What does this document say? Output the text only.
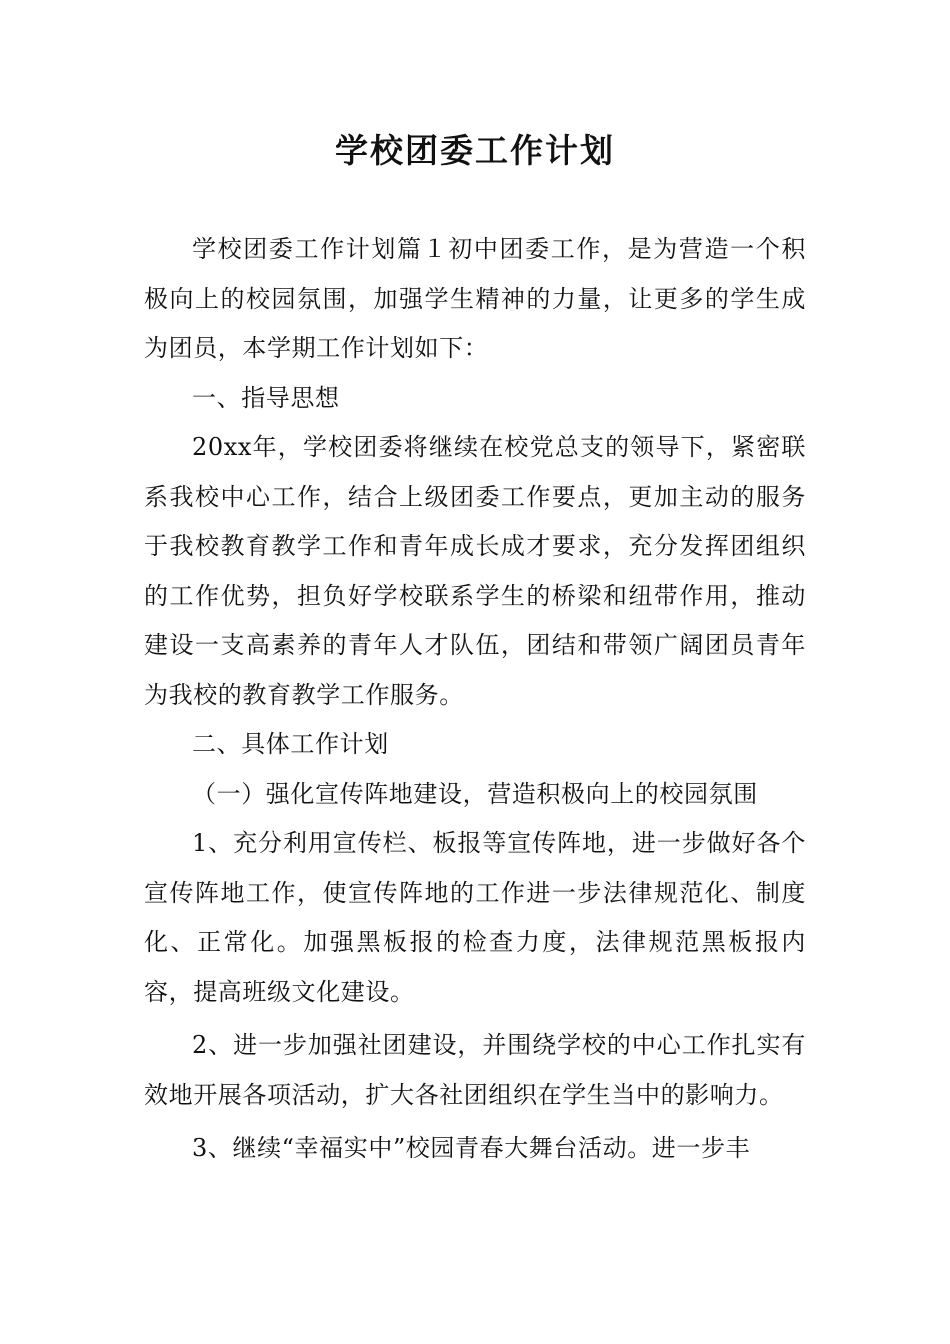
学校团委工作计划

学校团委工作计划篇１初中团委工作，是为营造一个积极向上的校园氛围，加强学生精神的力量，让更多的学生成为团员，本学期工作计划如下：

一、指导思想

20xx年，学校团委将继续在校党总支的领导下，紧密联系我校中心工作，结合上级团委工作要点，更加主动的服务于我校教育教学工作和青年成长成才要求，充分发挥团组织的工作优势，担负好学校联系学生的桥梁和纽带作用，推动建设一支高素养的青年人才队伍，团结和带领广阔团员青年为我校的教育教学工作服务。

二、具体工作计划

（一）强化宣传阵地建设，营造积极向上的校园氛围

1、充分利用宣传栏、板报等宣传阵地，进一步做好各个宣传阵地工作，使宣传阵地的工作进一步法律规范化、制度化、正常化。加强黑板报的检查力度，法律规范黑板报内容，提高班级文化建设。

2、进一步加强社团建设，并围绕学校的中心工作扎实有效地开展各项活动，扩大各社团组织在学生当中的影响力。

3、继续“幸福实中”校园青春大舞台活动。进一步丰
